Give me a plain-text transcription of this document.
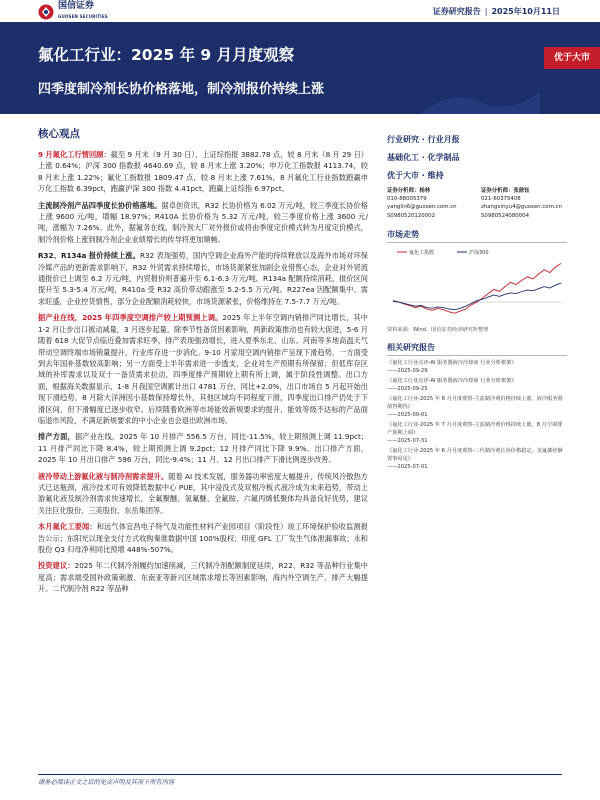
国信证券
GUOSEN SECURITIES
证券研究报告 | 2025年10月11日
氟化工行业：2025 年 9 月月度观察
四季度制冷剂长协价格落地，制冷剂报价持续上涨
优于大市
核心观点

9 月氟化工行情回顾：截至 9 月末（9 月 30 日），上证综指报 3882.78 点，较 8 月末（8 月 29 日）上涨 0.64%；沪深 300 指数报 4640.69 点，较 8 月末上涨 3.20%；申万化工指数报 4113.74，较 8 月末上涨 1.22%；氟化工指数报 1809.47 点，较 8 月末上涨 7.61%，8 月氟化工行业指数跑赢申万化工指数 6.39pct，跑赢沪深 300 指数 4.41pct，跑赢上证综指 6.97pct。

主流制冷剂产品四季度长协价格落地。据卓创资讯，R32 长协价格为 6.02 万元/吨，较三季度长协价格上涨 9600 元/吨，增幅 18.97%；R410A 长协价格为 5.32 万元/吨，较三季度价格上涨 3600 元/吨，涨幅为 7.26%。此外，据氟务在线，制冷剂大厂对外报价或将由季度定价模式转为月度定价模式，制冷剂价格上涨到制冷剂企业业绩增长的传导将更加顺畅。

R32、R134a 报价持续上涨。R32 表现强势，国内空调企业海外产能的持续释放以及海外市场对环保冷媒产品的更新需求影响下，R32 外贸需求持续增长，市场货源紧张加剧企业惜售心态，企业对外贸流通报价已上调至 6.2 万元/吨，内贸报价则普遍升至 6.1-6.3 万元/吨。R134a 配额持续消耗，报价区间提升至 5.3-5.4 万元/吨，R410a 受 R32 高价带动跟涨至 5.2-5.5 万元/吨。R227ea 因配额集中、需求旺盛，企业控货情售，部分企业配额消耗较快，市场货源紧张，价格维持在 7.5-7.7 万元/吨。

据产业在线，2025 年四季度空调排产较上期预测上调。2025 年上半年空调内销排产同比增长，其中 1-2 月让步出口被动减量，3 月逐步起量，除季节性备货因素影响，两新政策推动也有较大促进，5-6 月随着 618 大促节点临近叠加需求旺季，排产表现强劲增长，进入夏季东北、山东、河南等多地高温天气带动空调终端市场销量提升，行业库存进一步消化。9-10 月家用空调内销排产呈现下滑趋势，一方面受到去年国补基数较高影响；另一方面受上半年需求进一步透支，企业对生产预期有所保留；但低库存区域的补库需求以及双十一备货需求拉动，四季度排产预期较上期有所上调，属于阶段性调整。出口方面，根据海关数据显示，1-8 月我国空调累计出口 4781 万台，同比+2.0%，出口市场自 5 月起开始出现下滑趋势，8 月除大洋洲因小基数保持增长外，其他区域均不同程度下滑，四季度出口排产仍处于下滑区间，但下滑幅度已逐步收窄。后续随着欧洲等市场能效新规要求的提升，能效等级不达标的产品面临退市风险，不满足新规要求的中小企业也会退出欧洲市场。

排产方面，据产业在线，2025 年 10 月排产 556.5 万台，同比-11.5%，较上期预测上调 11.9pct；11 月排产同比下降 8.4%，较上期预测上调 9.2pct；12 月排产同比下降 9.9%。出口排产方面，2025 年 10 月出口排产 596 万台，同比-9.4%；11 月、12 月出口排产下滑比例逐步改善。

液冷带动上游氟化液与制冷剂需求提升。随着 AI 技术发展，服务器功率密度大幅提升，传统风冷散热方式已达瓶颈，液冷技术可有效降低数据中心 PUE，其中浸没式及双相冷板式液冷成为未来趋势，带动上游氟化液及制冷剂需求快速增长，全氟聚醚、氢氟醚、全氟胺、六氟丙烯低聚体均具备良好优势，建议关注巨化股份、三美股份、东岳集团等。

本月氟化工要闻：和远气体宜昌电子特气及功能性材料产业园项目（阶段性）竣工环境保护验收监测报告公示；东阳光以现金支付方式收购秦淮数据中国 100%股权；印度 GFL 工厂发生气体泄漏事故；永和股份 Q3 归母净利同比预增 448%-507%。

投资建议：2025 年二代制冷剂履约加速削减，三代制冷剂配额制度延续，R22、R32 等品种行业集中度高；需求端受国补政策刺激、东南亚等新兴区域需求增长等因素影响，海内外空调生产、排产大幅提升。二代制冷剂 R22 等品种

行业研究 · 行业月报
基础化工 · 化学制品
优于大市 · 维持
证券分析师：杨林
010-88005379
yanglin6@guosen.com.cn
S0980520120002
证券分析师：张歆钰
021-60375408
zhangxinyu4@guosen.com.cn
S0980524080004
市场走势
氟化工指数	沪深300
资料来源：Wind、国信证券经济研究所整理
相关研究报告
《氟化工行业点评-AI 服务器液冷冷却液 行业分析框架》
——2025-09-29
《氟化工行业点评-AI 服务器液冷冷却液 行业分析框架》
——2025-09-25
《氟化工行业-2025 年 8 月月度观察-主流制冷剂价格持续上涨，液冷服务器值得期待》
——2025-09-01
《氟化工行业-2025 年 7 月月度观察-主流制冷剂价格持续上涨，8 月空调排产预期上调》
——2025-07-31
《氟化工行业-2025 年 6 月月度观察-三代制冷剂长协价格稳定，氢氟烯烃静置事易见》
——2025-07-01
请务必阅读正文之后的免责声明及其项下所有内容
